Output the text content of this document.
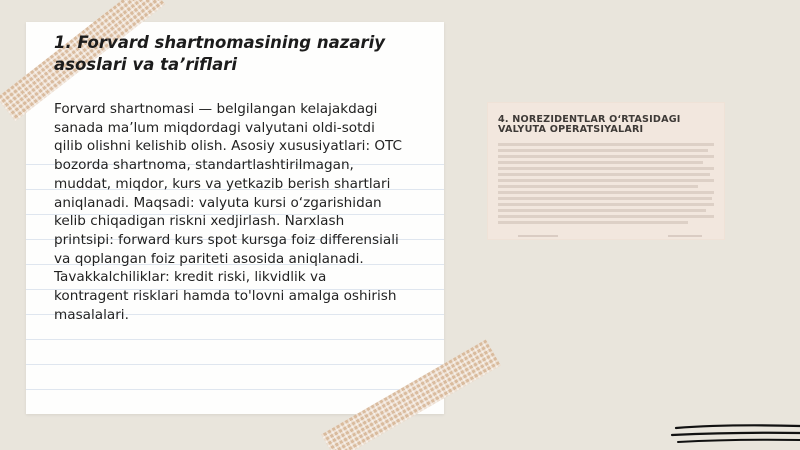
1. Forvard shartnomasining nazariy asoslari va ta’riflari

Forvard shartnomasi — belgilangan kelajakdagi sanada ma’lum miqdordagi valyutani oldi-sotdi qilib olishni kelishib olish. Asosiy xususiyatlari: OTC bozorda shartnoma, standartlashtirilmagan, muddat, miqdor, kurs va yetkazib berish shartlari aniqlanadi. Maqsadi: valyuta kursi o‘zgarishidan kelib chiqadigan riskni xedjirlash. Narxlash printsipi: forward kurs spot kursga foiz differensiali va qoplangan foiz pariteti asosida aniqlanadi. Tavakkalchiliklar: kredit riski, likvidlik va kontragent risklari hamda to'lovni amalga oshirish masalalari.

4. NOREZIDENTLAR O‘RTASIDAGI VALYUTA OPERATSIYALARI
